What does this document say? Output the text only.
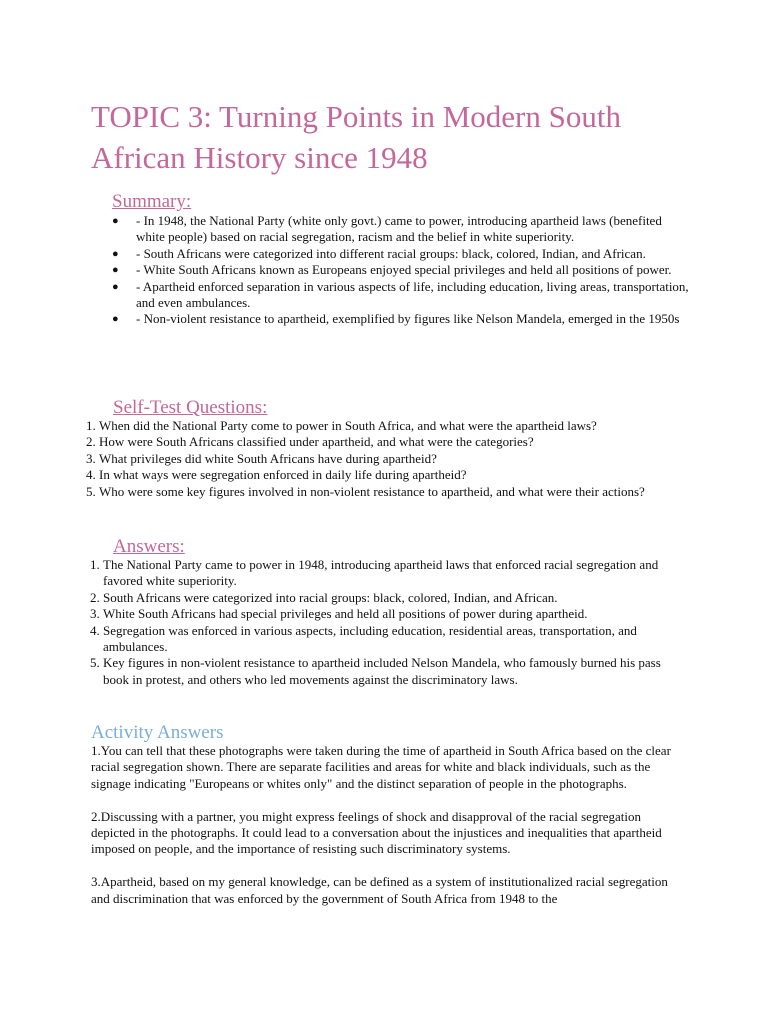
TOPIC 3: Turning Points in Modern South African History since 1948
Summary:
● - In 1948, the National Party (white only govt.) came to power, introducing apartheid laws (benefited white people) based on racial segregation, racism and the belief in white superiority.
● - South Africans were categorized into different racial groups: black, colored, Indian, and African.
● - White South Africans known as Europeans enjoyed special privileges and held all positions of power.
● - Apartheid enforced separation in various aspects of life, including education, living areas, transportation, and even ambulances.
● - Non-violent resistance to apartheid, exemplified by figures like Nelson Mandela, emerged in the 1950s
Self-Test Questions:
1. When did the National Party come to power in South Africa, and what were the apartheid laws?
2. How were South Africans classified under apartheid, and what were the categories?
3. What privileges did white South Africans have during apartheid?
4. In what ways were segregation enforced in daily life during apartheid?
5. Who were some key figures involved in non-violent resistance to apartheid, and what were their actions?
Answers:
1. The National Party came to power in 1948, introducing apartheid laws that enforced racial segregation and favored white superiority.
2. South Africans were categorized into racial groups: black, colored, Indian, and African.
3. White South Africans had special privileges and held all positions of power during apartheid.
4. Segregation was enforced in various aspects, including education, residential areas, transportation, and ambulances.
5. Key figures in non-violent resistance to apartheid included Nelson Mandela, who famously burned his pass book in protest, and others who led movements against the discriminatory laws.
Activity Answers

1.You can tell that these photographs were taken during the time of apartheid in South Africa based on the clear racial segregation shown. There are separate facilities and areas for white and black individuals, such as the signage indicating "Europeans or whites only" and the distinct separation of people in the photographs.

2.Discussing with a partner, you might express feelings of shock and disapproval of the racial segregation depicted in the photographs. It could lead to a conversation about the injustices and inequalities that apartheid imposed on people, and the importance of resisting such discriminatory systems.

3.Apartheid, based on my general knowledge, can be defined as a system of institutionalized racial segregation and discrimination that was enforced by the government of South Africa from 1948 to the
